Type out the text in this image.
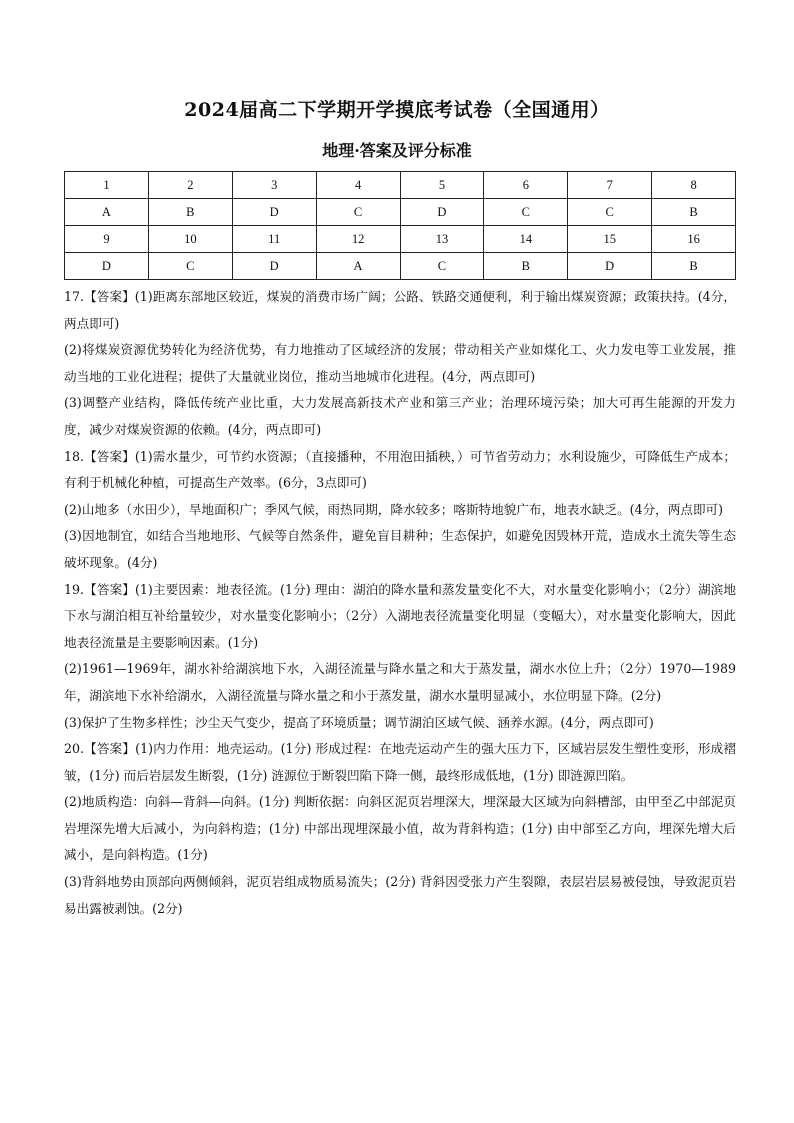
2024届高二下学期开学摸底考试卷（全国通用）
地理·答案及评分标准
1	2	3	4	5	6	7	8
A	B	D	C	D	C	C	B
9	10	11	12	13	14	15	16
D	C	D	A	C	B	D	B

17.【答案】(1)距离东部地区较近，煤炭的消费市场广阔；公路、铁路交通便利，利于输出煤炭资源；政策扶持。(4分，两点即可)

(2)将煤炭资源优势转化为经济优势，有力地推动了区域经济的发展；带动相关产业如煤化工、火力发电等工业发展，推动当地的工业化进程；提供了大量就业岗位，推动当地城市化进程。(4分，两点即可)

(3)调整产业结构，降低传统产业比重，大力发展高新技术产业和第三产业；治理环境污染；加大可再生能源的开发力度，减少对煤炭资源的依赖。(4分，两点即可)

18.【答案】(1)需水量少，可节约水资源；（直接播种，不用泡田插秧，）可节省劳动力；水利设施少，可降低生产成本；有利于机械化种植，可提高生产效率。(6分，3点即可)

(2)山地多（水田少），旱地面积广；季风气候，雨热同期，降水较多；喀斯特地貌广布，地表水缺乏。(4分，两点即可)

(3)因地制宜，如结合当地地形、气候等自然条件，避免盲目耕种；生态保护，如避免因毁林开荒，造成水土流失等生态破坏现象。(4分)

19.【答案】(1)主要因素：地表径流。(1分) 理由：湖泊的降水量和蒸发量变化不大，对水量变化影响小；（2分）湖滨地下水与湖泊相互补给量较少，对水量变化影响小；（2分）入湖地表径流量变化明显（变幅大），对水量变化影响大，因此地表径流量是主要影响因素。(1分)

(2)1961—1969年，湖水补给湖滨地下水，入湖径流量与降水量之和大于蒸发量，湖水水位上升；（2分）1970—1989年，湖滨地下水补给湖水，入湖径流量与降水量之和小于蒸发量，湖水水量明显减小，水位明显下降。(2分)

(3)保护了生物多样性；沙尘天气变少，提高了环境质量；调节湖泊区域气候、涵养水源。(4分，两点即可)

20.【答案】(1)内力作用：地壳运动。(1分) 形成过程：在地壳运动产生的强大压力下，区域岩层发生塑性变形，形成褶皱，(1分) 而后岩层发生断裂，(1分) 涟源位于断裂凹陷下降一侧，最终形成低地，(1分) 即涟源凹陷。

(2)地质构造：向斜—背斜—向斜。(1分) 判断依据：向斜区泥页岩埋深大，埋深最大区域为向斜槽部，由甲至乙中部泥页岩埋深先增大后减小，为向斜构造；(1分) 中部出现埋深最小值，故为背斜构造；(1分) 由中部至乙方向，埋深先增大后减小，是向斜构造。(1分)

(3)背斜地势由顶部向两侧倾斜，泥页岩组成物质易流失；(2分) 背斜因受张力产生裂隙，表层岩层易被侵蚀，导致泥页岩易出露被剥蚀。(2分)
